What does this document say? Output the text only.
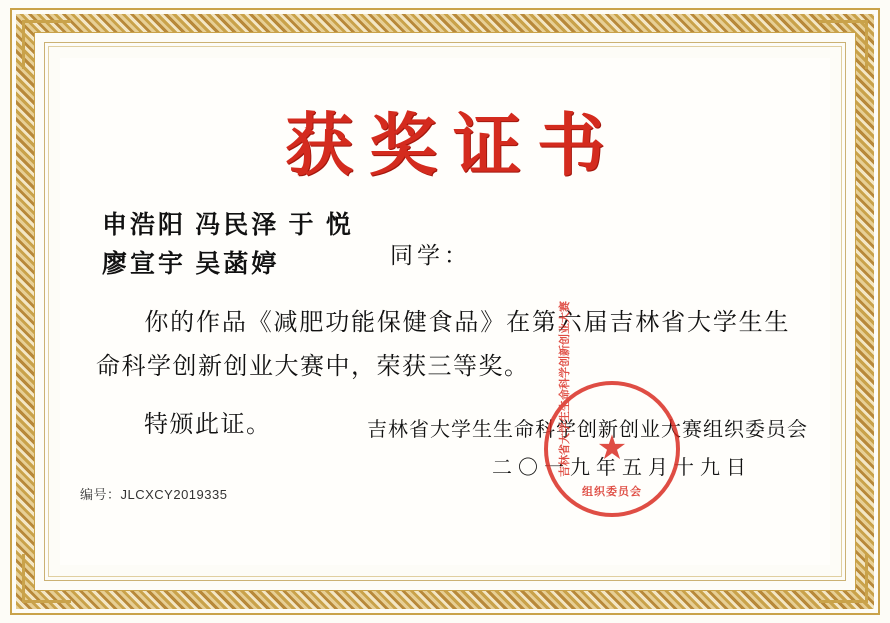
获奖证书
申浩阳 冯民泽 于 悦
廖宣宇 吴菡婷	同学：
你的作品《减肥功能保健食品》在第六届吉林省大学生生命科学创新创业大赛中，荣获三等奖。
特颁此证。	吉林省大学生生命科学创新创业大赛组织委员会
二〇一九年五月十九日
吉林省大学生生命科学创新创业大赛 ★
组织委员会
编号：JLCXCY2019335
